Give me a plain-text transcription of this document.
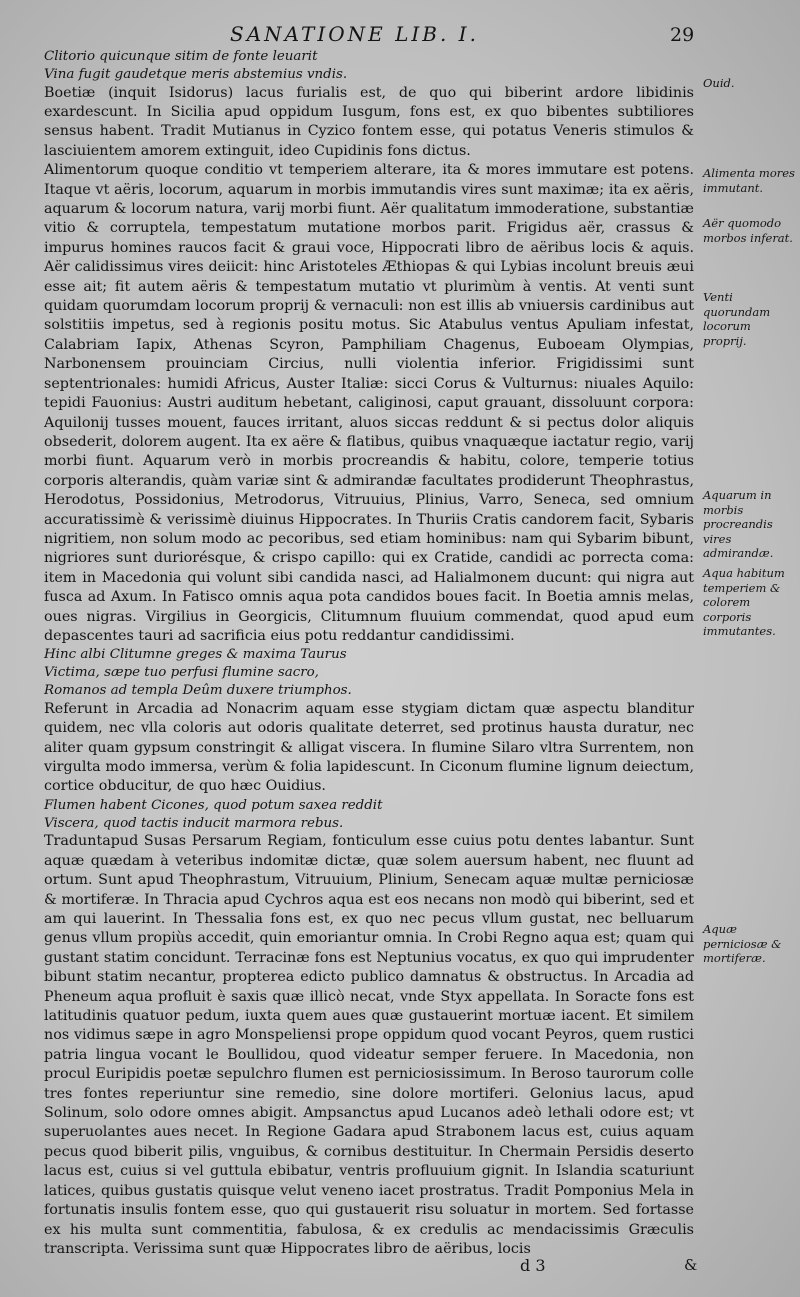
SANATIONE LIB. I.	29

Clitorio quicunque sitim de fonte leuarit

Vina fugit gaudetque meris abstemius vndis.

Boetiæ (inquit Isidorus) lacus furialis est, de quo qui biberint ardore libidinis exardescunt. In Sicilia apud oppidum Iusgum, fons est, ex quo bibentes subtiliores sensus habent. Tradit Mutianus in Cyzico fontem esse, qui potatus Veneris stimulos & lasciuientem amorem extinguit, ideo Cupidinis fons dictus.

Alimentorum quoque conditio vt temperiem alterare, ita & mores immutare est potens. Itaque vt aëris, locorum, aquarum in morbis immutandis vires sunt maximæ; ita ex aëris, aquarum & locorum natura, varij morbi fiunt. Aër qualitatum immoderatione, substantiæ vitio & corruptela, tempestatum mutatione morbos parit. Frigidus aër, crassus & impurus homines raucos facit & graui voce, Hippocrati libro de aëribus locis & aquis. Aër calidissimus vires deiicit: hinc Aristoteles Æthiopas & qui Lybias incolunt breuis æui esse ait; fit autem aëris & tempestatum mutatio vt plurimùm à ventis. At venti sunt quidam quorumdam locorum proprij & vernaculi: non est illis ab vniuersis cardinibus aut solstitiis impetus, sed à regionis positu motus. Sic Atabulus ventus Apuliam infestat, Calabriam Iapix, Athenas Scyron, Pamphiliam Chagenus, Euboeam Olympias, Narbonensem prouinciam Circius, nulli violentia inferior. Frigidissimi sunt septentrionales: humidi Africus, Auster Italiæ: sicci Corus & Vulturnus: niuales Aquilo: tepidi Fauonius: Austri auditum hebetant, caliginosi, caput grauant, dissoluunt corpora: Aquilonij tusses mouent, fauces irritant, aluos siccas reddunt & si pectus dolor aliquis obsederit, dolorem augent. Ita ex aëre & flatibus, quibus vnaquæque iactatur regio, varij morbi fiunt. Aquarum verò in morbis procreandis & habitu, colore, temperie totius corporis alterandis, quàm variæ sint & admirandæ facultates prodiderunt Theophrastus, Herodotus, Possidonius, Metrodorus, Vitruuius, Plinius, Varro, Seneca, sed omnium accuratissimè & verissimè diuinus Hippocrates. In Thuriis Cratis candorem facit, Sybaris nigritiem, non solum modo ac pecoribus, sed etiam hominibus: nam qui Sybarim bibunt, nigriores sunt duriorésque, & crispo capillo: qui ex Cratide, candidi ac porrecta coma: item in Macedonia qui volunt sibi candida nasci, ad Halialmonem ducunt: qui nigra aut fusca ad Axum. In Fatisco omnis aqua pota candidos boues facit. In Boetia amnis melas, oues nigras. Virgilius in Georgicis, Clitumnum fluuium commendat, quod apud eum depascentes tauri ad sacrificia eius potu reddantur candidissimi.

Hinc albi Clitumne greges & maxima Taurus

Victima, sæpe tuo perfusi flumine sacro,

Romanos ad templa Deûm duxere triumphos.

Referunt in Arcadia ad Nonacrim aquam esse stygiam dictam quæ aspectu blanditur quidem, nec vlla coloris aut odoris qualitate deterret, sed protinus hausta duratur, nec aliter quam gypsum constringit & alligat viscera. In flumine Silaro vltra Surrentem, non virgulta modo immersa, verùm & folia lapidescunt. In Ciconum flumine lignum deiectum, cortice obducitur, de quo hæc Ouidius.

Flumen habent Cicones, quod potum saxea reddit

Viscera, quod tactis inducit marmora rebus.

Traduntapud Susas Persarum Regiam, fonticulum esse cuius potu dentes labantur. Sunt aquæ quædam à veteribus indomitæ dictæ, quæ solem auersum habent, nec fluunt ad ortum. Sunt apud Theophrastum, Vitruuium, Plinium, Senecam aquæ multæ perniciosæ & mortiferæ. In Thracia apud Cychros aqua est eos necans non modò qui biberint, sed et am qui lauerint. In Thessalia fons est, ex quo nec pecus vllum gustat, nec belluarum genus vllum propiùs accedit, quin emoriantur omnia. In Crobi Regno aqua est; quam qui gustant statim concidunt. Terracinæ fons est Neptunius vocatus, ex quo qui imprudenter bibunt statim necantur, propterea edicto publico damnatus & obstructus. In Arcadia ad Pheneum aqua profluit è saxis quæ illicò necat, vnde Styx appellata. In Soracte fons est latitudinis quatuor pedum, iuxta quem aues quæ gustauerint mortuæ iacent. Et similem nos vidimus sæpe in agro Monspeliensi prope oppidum quod vocant Peyros, quem rustici patria lingua vocant le Boullidou, quod videatur semper feruere. In Macedonia, non procul Euripidis poetæ sepulchro flumen est perniciosissimum. In Beroso taurorum colle tres fontes reperiuntur sine remedio, sine dolore mortiferi. Gelonius lacus, apud Solinum, solo odore omnes abigit. Ampsanctus apud Lucanos adeò lethali odore est; vt superuolantes aues necet. In Regione Gadara apud Strabonem lacus est, cuius aquam pecus quod biberit pilis, vnguibus, & cornibus destituitur. In Chermain Persidis deserto lacus est, cuius si vel guttula ebibatur, ventris profluuium gignit. In Islandia scaturiunt latices, quibus gustatis quisque velut veneno iacet prostratus. Tradit Pomponius Mela in fortunatis insulis fontem esse, quo qui gustauerit risu soluatur in mortem. Sed fortasse ex his multa sunt commentitia, fabulosa, & ex credulis ac mendacissimis Græculis transcripta. Verissima sunt quæ Hippocrates libro de aëribus, locis

Ouid.
Alimenta mores immutant.
Aër quomodo morbos inferat.
Venti quorundam locorum proprij.
Aquarum in morbis procreandis vires admirandæ.
Aqua habitum temperiem & colorem corporis immutantes.
Aquæ perniciosæ & mortiferæ.
d 3	&
